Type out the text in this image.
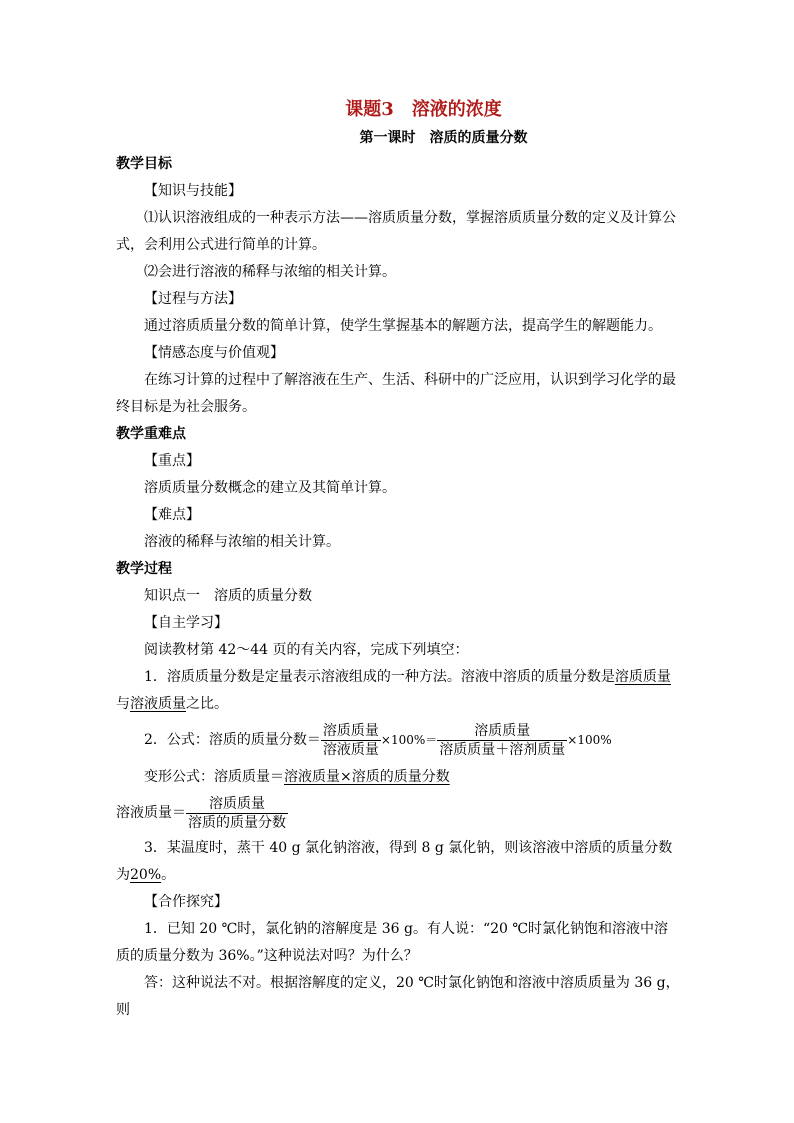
课题3　溶液的浓度

第一课时　溶质的质量分数

教学目标

【知识与技能】

⑴认识溶液组成的一种表示方法——溶质质量分数，掌握溶质质量分数的定义及计算公式，会利用公式进行简单的计算。

⑵会进行溶液的稀释与浓缩的相关计算。

【过程与方法】

通过溶质质量分数的简单计算，使学生掌握基本的解题方法，提高学生的解题能力。

【情感态度与价值观】

在练习计算的过程中了解溶液在生产、生活、科研中的广泛应用，认识到学习化学的最终目标是为社会服务。

教学重难点

【重点】

溶质质量分数概念的建立及其简单计算。

【难点】

溶液的稀释与浓缩的相关计算。

教学过程

知识点一　溶质的质量分数

【自主学习】

阅读教材第 42～44 页的有关内容，完成下列填空：

1．溶质质量分数是定量表示溶液组成的一种方法。溶液中溶质的质量分数是溶质质量与溶液质量之比。

2．公式：溶质的质量分数＝ $\frac{\text{溶质质量}}{\text{溶液质量}} \times 100\%= \frac{\text{溶质质量}}{\text{溶质质量＋溶剂质量}} \times 100\%$

变形公式：溶质质量＝溶液质量×溶质的质量分数

溶液质量＝ $\frac{\text{溶质质量}}{\text{溶质的质量分数}}$

3．某温度时，蒸干 40 g 氯化钠溶液，得到 8 g 氯化钠，则该溶液中溶质的质量分数为20%。

【合作探究】

1．已知 20 ℃时，氯化钠的溶解度是 36 g。有人说：“20 ℃时氯化钠饱和溶液中溶质的质量分数为 36%。”这种说法对吗？为什么？

答：这种说法不对。根据溶解度的定义，20 ℃时氯化钠饱和溶液中溶质质量为 36 g，则
